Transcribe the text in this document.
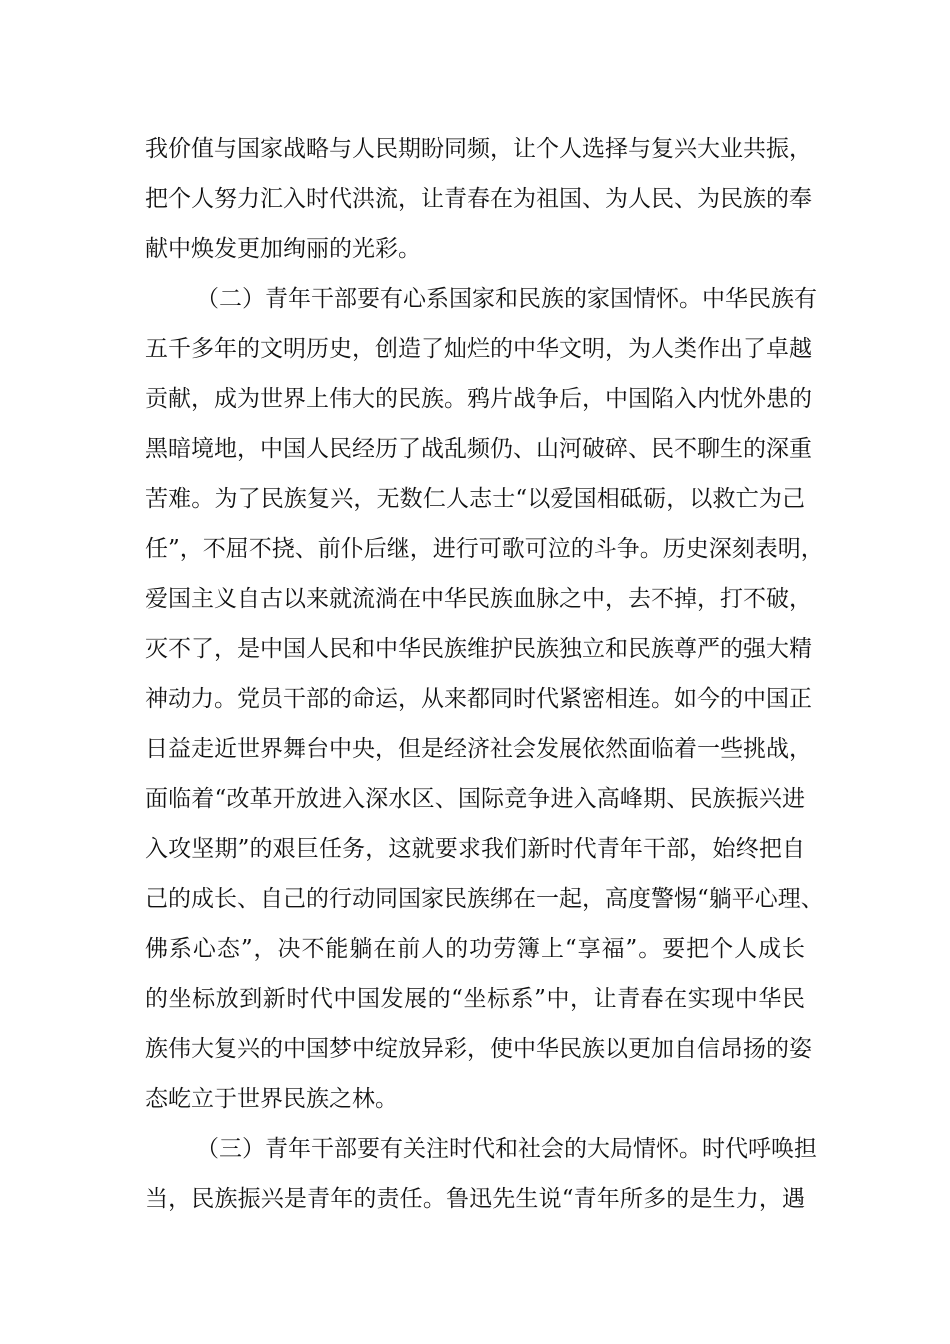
我价值与国家战略与人民期盼同频，让个人选择与复兴大业共振，
把个人努力汇入时代洪流，让青春在为祖国、为人民、为民族的奉
献中焕发更加绚丽的光彩。
（二）青年干部要有心系国家和民族的家国情怀。中华民族有
五千多年的文明历史，创造了灿烂的中华文明，为人类作出了卓越
贡献，成为世界上伟大的民族。鸦片战争后，中国陷入内忧外患的
黑暗境地，中国人民经历了战乱频仍、山河破碎、民不聊生的深重
苦难。为了民族复兴，无数仁人志士“以爱国相砥砺，以救亡为己
任”，不屈不挠、前仆后继，进行可歌可泣的斗争。历史深刻表明，
爱国主义自古以来就流淌在中华民族血脉之中，去不掉，打不破，
灭不了，是中国人民和中华民族维护民族独立和民族尊严的强大精
神动力。党员干部的命运，从来都同时代紧密相连。如今的中国正
日益走近世界舞台中央，但是经济社会发展依然面临着一些挑战，
面临着“改革开放进入深水区、国际竞争进入高峰期、民族振兴进
入攻坚期”的艰巨任务，这就要求我们新时代青年干部，始终把自
己的成长、自己的行动同国家民族绑在一起，高度警惕“躺平心理、
佛系心态”，决不能躺在前人的功劳簿上“享福”。要把个人成长
的坐标放到新时代中国发展的“坐标系”中，让青春在实现中华民
族伟大复兴的中国梦中绽放异彩，使中华民族以更加自信昂扬的姿
态屹立于世界民族之林。
（三）青年干部要有关注时代和社会的大局情怀。时代呼唤担
当，民族振兴是青年的责任。鲁迅先生说“青年所多的是生力，遇
